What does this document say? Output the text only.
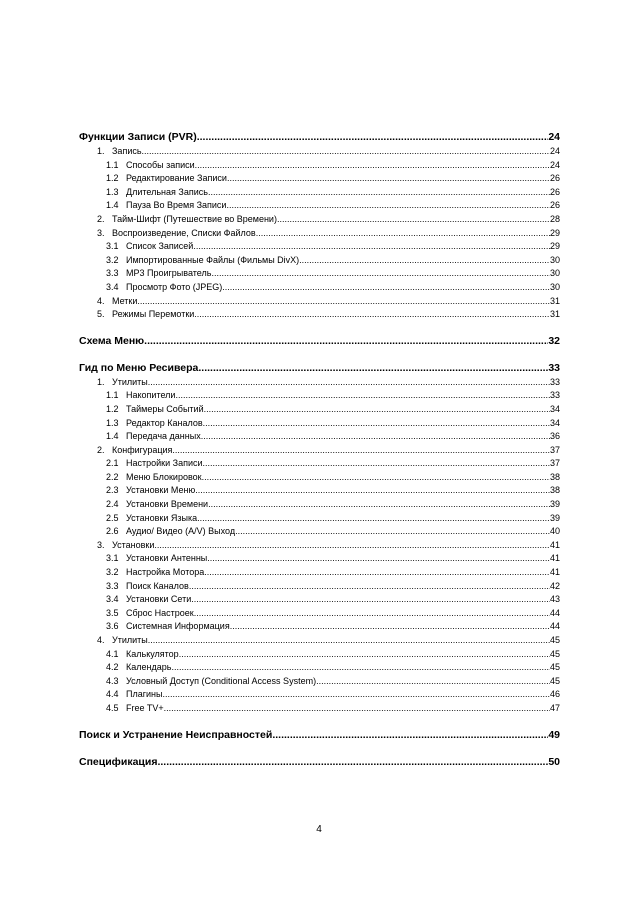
Функции Записи (PVR) .....	24
1. Запись .....	24
1.1 Способы записи .....	24
1.2 Редактирование Записи .....	26
1.3 Длительная Запись .....	26
1.4 Пауза Во Время Записи .....	26
2. Тайм-Шифт (Путешествие во Времени) .....	28
3. Воспроизведение, Списки Файлов .....	29
3.1 Список Записей .....	29
3.2 Импортированные Файлы (Фильмы DivX) .....	30
3.3 MP3 Проигрыватель .....	30
3.4 Просмотр Фото (JPEG) .....	30
4. Метки .....	31
5. Режимы Перемотки .....	31
Схема Меню .....	32
Гид по Меню Ресивера .....	33
1. Утилиты .....	33
1.1 Накопители .....	33
1.2 Таймеры Событий .....	34
1.3 Редактор Каналов .....	34
1.4 Передача данных .....	36
2. Конфигурация .....	37
2.1 Настройки Записи .....	37
2.2 Меню Блокировок .....	38
2.3 Установки Меню .....	38
2.4 Установки Времени .....	39
2.5 Установки Языка .....	39
2.6 Аудио/ Видео (A/V) Выход .....	40
3. Установки .....	41
3.1 Установки Антенны .....	41
3.2 Настройка Мотора .....	41
3.3 Поиск Каналов .....	42
3.4 Установки Сети .....	43
3.5 Сброс Настроек .....	44
3.6 Системная Информация .....	44
4. Утилиты .....	45
4.1 Калькулятор .....	45
4.2 Календарь .....	45
4.3 Условный Доступ (Conditional Access System) .....	45
4.4 Плагины .....	46
4.5 Free TV+ .....	47
Поиск и Устранение Неисправностей .....	49
Спецификация .....	50
4
